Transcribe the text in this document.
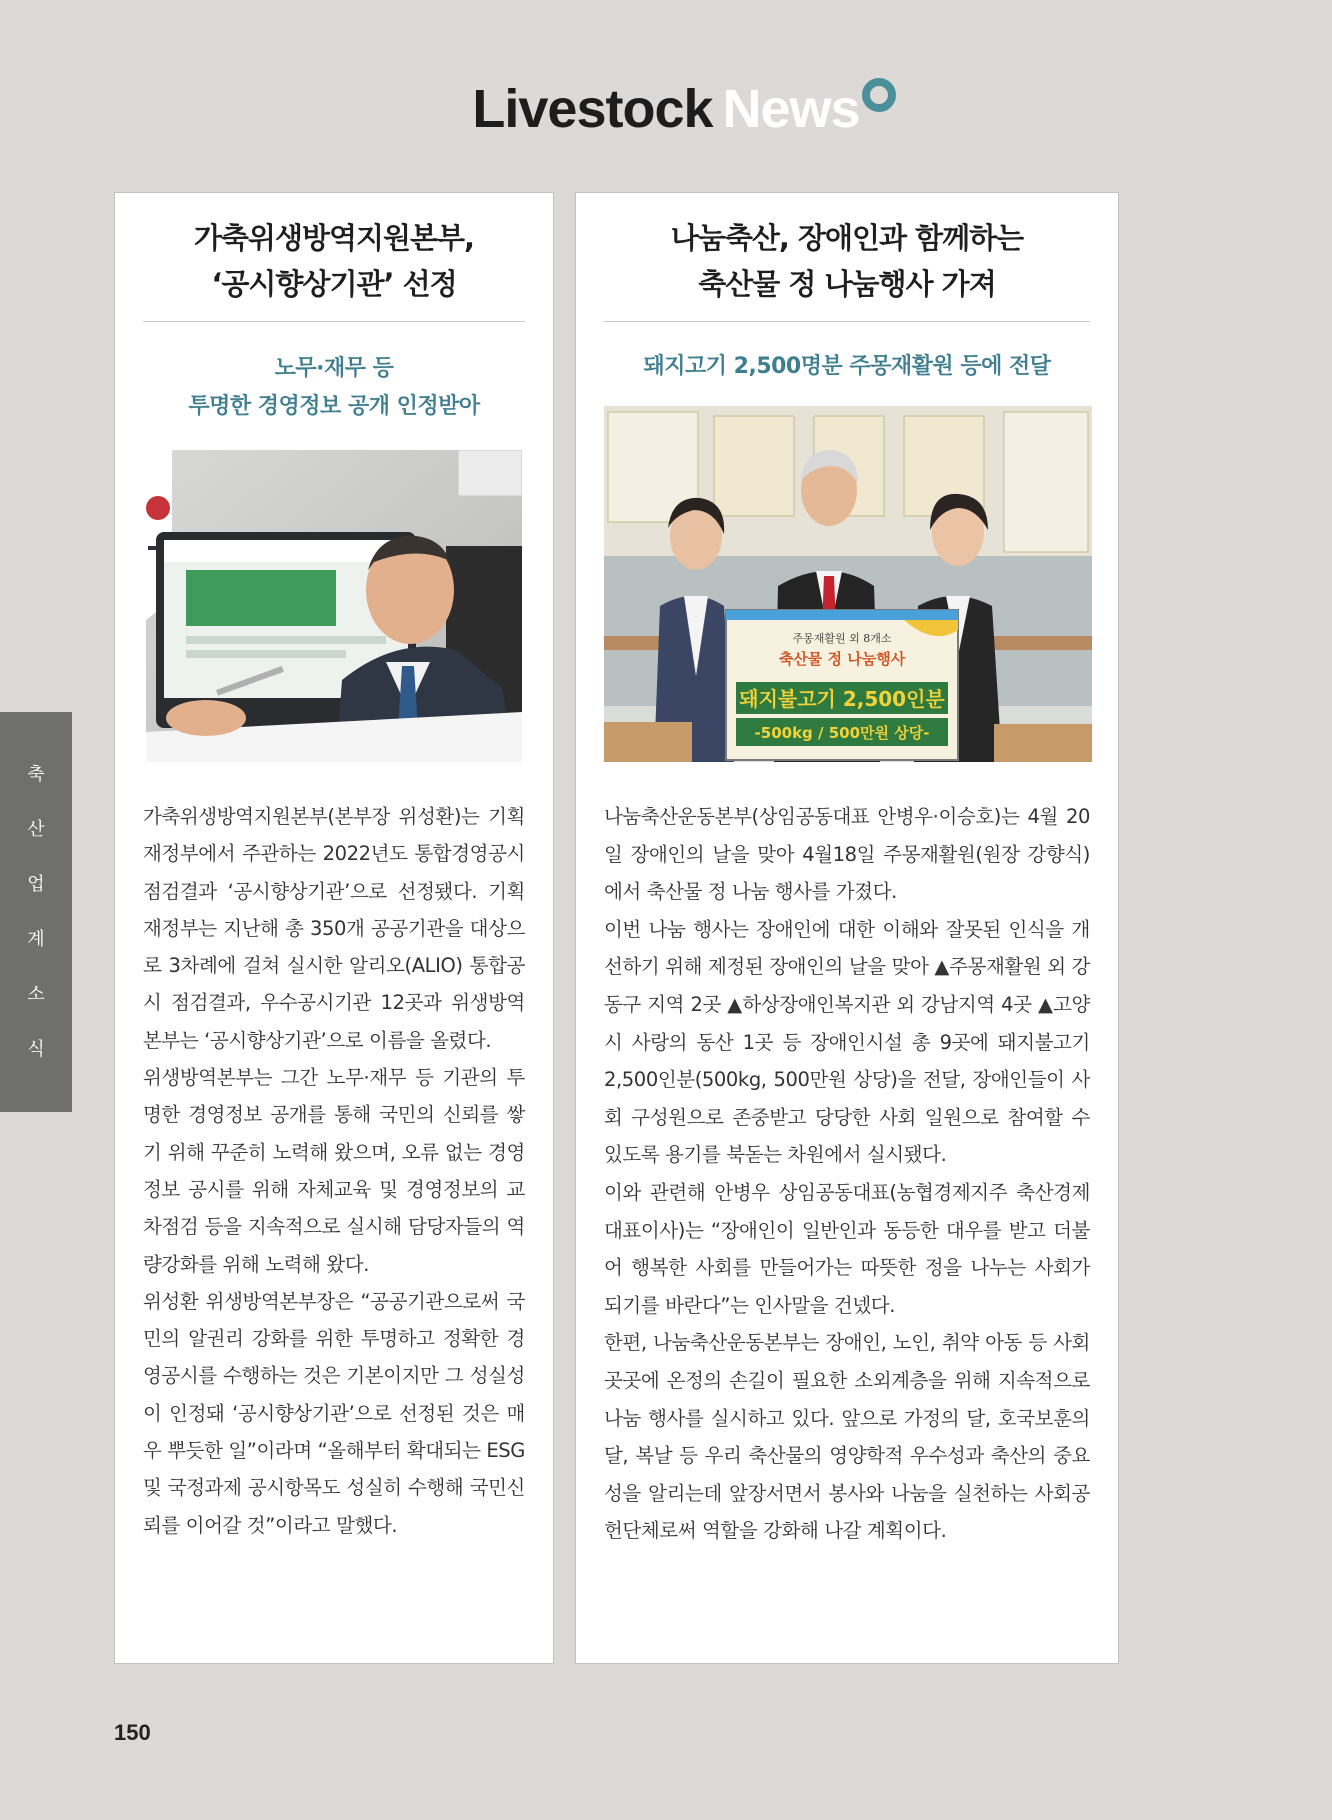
Livestock News
축
산
업
계
소
식
가축위생방역지원본부,
‘공시향상기관’ 선정
노무·재무 등
투명한 경영정보 공개 인정받아

가축위생방역지원본부(본부장 위성환)는 기획재정부에서 주관하는 2022년도 통합경영공시 점검결과 ‘공시향상기관’으로 선정됐다. 기획재정부는 지난해 총 350개 공공기관을 대상으로 3차례에 걸쳐 실시한 알리오(ALIO) 통합공시 점검결과, 우수공시기관 12곳과 위생방역본부는 ‘공시향상기관’으로 이름을 올렸다.

위생방역본부는 그간 노무·재무 등 기관의 투명한 경영정보 공개를 통해 국민의 신뢰를 쌓기 위해 꾸준히 노력해 왔으며, 오류 없는 경영정보 공시를 위해 자체교육 및 경영정보의 교차점검 등을 지속적으로 실시해 담당자들의 역량강화를 위해 노력해 왔다.

위성환 위생방역본부장은 “공공기관으로써 국민의 알권리 강화를 위한 투명하고 정확한 경영공시를 수행하는 것은 기본이지만 그 성실성이 인정돼 ‘공시향상기관’으로 선정된 것은 매우 뿌듯한 일”이라며 “올해부터 확대되는 ESG 및 국정과제 공시항목도 성실히 수행해 국민신뢰를 이어갈 것”이라고 말했다.

나눔축산, 장애인과 함께하는
축산물 정 나눔행사 가져
돼지고기 2,500명분 주몽재활원 등에 전달
주몽재활원 외 8개소
축산물 정 나눔행사
돼지불고기 2,500인분
-500kg / 500만원 상당-

나눔축산운동본부(상임공동대표 안병우·이승호)는 4월 20일 장애인의 날을 맞아 4월18일 주몽재활원(원장 강향식)에서 축산물 정 나눔 행사를 가졌다.

이번 나눔 행사는 장애인에 대한 이해와 잘못된 인식을 개선하기 위해 제정된 장애인의 날을 맞아 ▲주몽재활원 외 강동구 지역 2곳 ▲하상장애인복지관 외 강남지역 4곳 ▲고양시 사랑의 동산 1곳 등 장애인시설 총 9곳에 돼지불고기 2,500인분(500kg, 500만원 상당)을 전달, 장애인들이 사회 구성원으로 존중받고 당당한 사회 일원으로 참여할 수 있도록 용기를 북돋는 차원에서 실시됐다.

이와 관련해 안병우 상임공동대표(농협경제지주 축산경제대표이사)는 “장애인이 일반인과 동등한 대우를 받고 더불어 행복한 사회를 만들어가는 따뜻한 정을 나누는 사회가 되기를 바란다”는 인사말을 건넸다.

한편, 나눔축산운동본부는 장애인, 노인, 취약 아동 등 사회 곳곳에 온정의 손길이 필요한 소외계층을 위해 지속적으로 나눔 행사를 실시하고 있다. 앞으로 가정의 달, 호국보훈의 달, 복날 등 우리 축산물의 영양학적 우수성과 축산의 중요성을 알리는데 앞장서면서 봉사와 나눔을 실천하는 사회공헌단체로써 역할을 강화해 나갈 계획이다.

150
